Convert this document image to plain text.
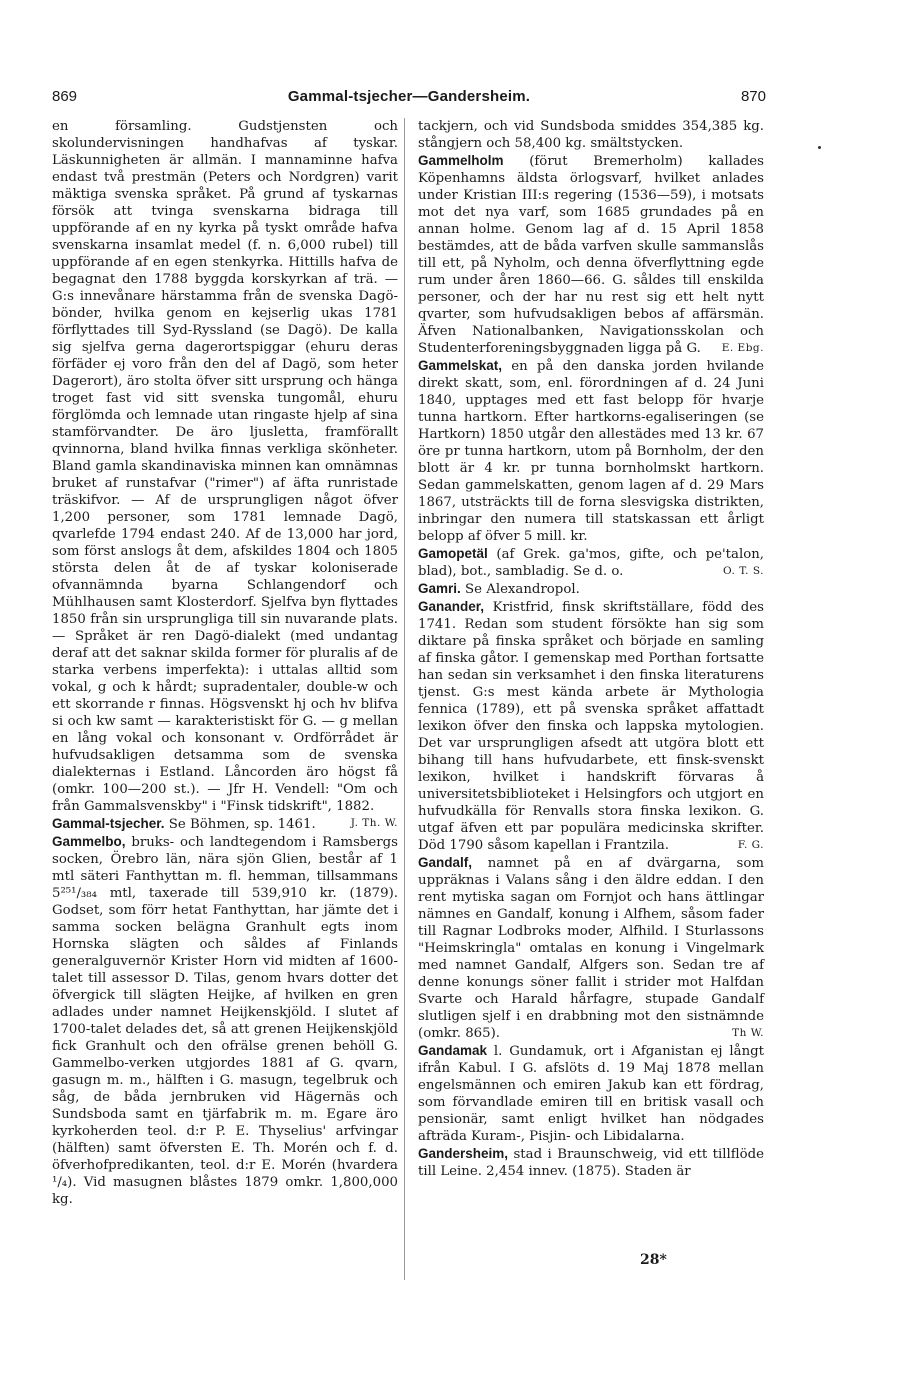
869	Gammal-tsjecher—Gandersheim.	870

en församling. Gudstjensten och skolundervisningen handhafvas af tyskar. Läskunnigheten är allmän. I mannaminne hafva endast två prestmän (Peters och Nordgren) varit mäktiga svenska språket. På grund af tyskarnas försök att tvinga svenskarna bidraga till uppförande af en ny kyrka på tyskt område hafva svenskarna insamlat medel (f. n. 6,000 rubel) till uppförande af en egen stenkyrka. Hittills hafva de begagnat den 1788 byggda korskyrkan af trä. — G:s innevånare härstamma från de svenska Dagö-bönder, hvilka genom en kejserlig ukas 1781 förflyttades till Syd-Ryssland (se Dagö). De kalla sig sjelfva gerna dagerortspiggar (ehuru deras förfäder ej voro från den del af Dagö, som heter Dagerort), äro stolta öfver sitt ursprung och hänga troget fast vid sitt svenska tungomål, ehuru förglömda och lemnade utan ringaste hjelp af sina stamförvandter. De äro ljusletta, framförallt qvinnorna, bland hvilka finnas verkliga skönheter. Bland gamla skandinaviska minnen kan omnämnas bruket af runstafvar ("rimer") af äfta runristade träskifvor. — Af de ursprungligen något öfver 1,200 personer, som 1781 lemnade Dagö, qvarlefde 1794 endast 240. Af de 13,000 har jord, som först anslogs åt dem, afskildes 1804 och 1805 största delen åt de af tyskar koloniserade ofvannämnda byarna Schlangendorf och Mühlhausen samt Klosterdorf. Sjelfva byn flyttades 1850 från sin ursprungliga till sin nuvarande plats. — Språket är ren Dagö-dialekt (med undantag deraf att det saknar skilda former för pluralis af de starka verbens imperfekta): i uttalas alltid som vokal, g och k hårdt; supradentaler, double-w och ett skorrande r finnas. Högsvenskt hj och hv blifva si och kw samt — karakteristiskt för G. — g mellan en lång vokal och konsonant v. Ordförrådet är hufvudsakligen detsamma som de svenska dialekternas i Estland. Låncorden äro högst få (omkr. 100—200 st.). — Jfr H. Vendell: "Om och från Gammalsvenskby" i "Finsk tidskrift", 1882.
J. Th. W.

Gammal-tsjecher. Se Böhmen, sp. 1461.

Gammelbo, bruks- och landtegendom i Ramsbergs socken, Örebro län, nära sjön Glien, består af 1 mtl säteri Fanthyttan m. fl. hemman, tillsammans 5²⁵¹/₃₈₄ mtl, taxerade till 539,910 kr. (1879). Godset, som förr hetat Fanthyttan, har jämte det i samma socken belägna Granhult egts inom Hornska slägten och såldes af Finlands generalguvernör Krister Horn vid midten af 1600-talet till assessor D. Tilas, genom hvars dotter det öfvergick till slägten Heijke, af hvilken en gren adlades under namnet Heijkenskjöld. I slutet af 1700-talet delades det, så att grenen Heijkenskjöld fick Granhult och den ofrälse grenen behöll G. Gammelbo-verken utgjordes 1881 af G. qvarn, gasugn m. m., hälften i G. masugn, tegelbruk och såg, de båda jernbruken vid Hägernäs och Sundsboda samt en tjärfabrik m. m. Egare äro kyrkoherden teol. d:r P. E. Thyselius' arfvingar (hälften) samt öfversten E. Th. Morén och f. d. öfverhofpredikanten, teol. d:r E. Morén (hvardera ¹/₄). Vid masugnen blåstes 1879 omkr. 1,800,000 kg.

tackjern, och vid Sundsboda smiddes 354,385 kg. stångjern och 58,400 kg. smältstycken.

Gammelholm (förut Bremerholm) kallades Köpenhamns äldsta örlogsvarf, hvilket anlades under Kristian III:s regering (1536—59), i motsats mot det nya varf, som 1685 grundades på en annan holme. Genom lag af d. 15 April 1858 bestämdes, att de båda varfven skulle sammanslås till ett, på Nyholm, och denna öfverflyttning egde rum under åren 1860—66. G. såldes till enskilda personer, och der har nu rest sig ett helt nytt qvarter, som hufvudsakligen bebos af affärsmän. Äfven Nationalbanken, Navigationsskolan och Studenterforeningsbyggnaden ligga på G. E. Ebg.

Gammelskat, en på den danska jorden hvilande direkt skatt, som, enl. förordningen af d. 24 Juni 1840, upptages med ett fast belopp för hvarje tunna hartkorn. Efter hartkorns-egaliseringen (se Hartkorn) 1850 utgår den allestädes med 13 kr. 67 öre pr tunna hartkorn, utom på Bornholm, der den blott är 4 kr. pr tunna bornholmskt hartkorn. Sedan gammelskatten, genom lagen af d. 29 Mars 1867, utsträckts till de forna slesvigska distrikten, inbringar den numera till statskassan ett årligt belopp af öfver 5 mill. kr.

Gamopetäl (af Grek. ga'mos, gifte, och pe'talon, blad), bot., sambladig. Se d. o.	O. T. S.

Gamri. Se Alexandropol.

Ganander, Kristfrid, finsk skriftställare, född des 1741. Redan som student försökte han sig som diktare på finska språket och började en samling af finska gåtor. I gemenskap med Porthan fortsatte han sedan sin verksamhet i den finska literaturens tjenst. G:s mest kända arbete är Mythologia fennica (1789), ett på svenska språket affattadt lexikon öfver den finska och lappska mytologien. Det var ursprungligen afsedt att utgöra blott ett bihang till hans hufvudarbete, ett finsk-svenskt lexikon, hvilket i handskrift förvaras å universitetsbiblioteket i Helsingfors och utgjort en hufvudkälla för Renvalls stora finska lexikon. G. utgaf äfven ett par populära medicinska skrifter. Död 1790 såsom kapellan i Frantzila.	F. G.

Gandalf, namnet på en af dvärgarna, som uppräknas i Valans sång i den äldre eddan. I den rent mytiska sagan om Fornjot och hans ättlingar nämnes en Gandalf, konung i Alfhem, såsom fader till Ragnar Lodbroks moder, Alfhild. I Sturlassons "Heimskringla" omtalas en konung i Vingelmark med namnet Gandalf, Alfgers son. Sedan tre af denne konungs söner fallit i strider mot Halfdan Svarte och Harald hårfagre, stupade Gandalf slutligen sjelf i en drabbning mot den sistnämnde (omkr. 865).	Th W.

Gandamak l. Gundamuk, ort i Afganistan ej långt ifrån Kabul. I G. afslöts d. 19 Maj 1878 mellan engelsmännen och emiren Jakub kan ett fördrag, som förvandlade emiren till en britisk vasall och pensionär, samt enligt hvilket han nödgades afträda Kuram-, Pisjin- och Libidalarna.

Gandersheim, stad i Braunschweig, vid ett tillflöde till Leine. 2,454 innev. (1875). Staden är

28*
